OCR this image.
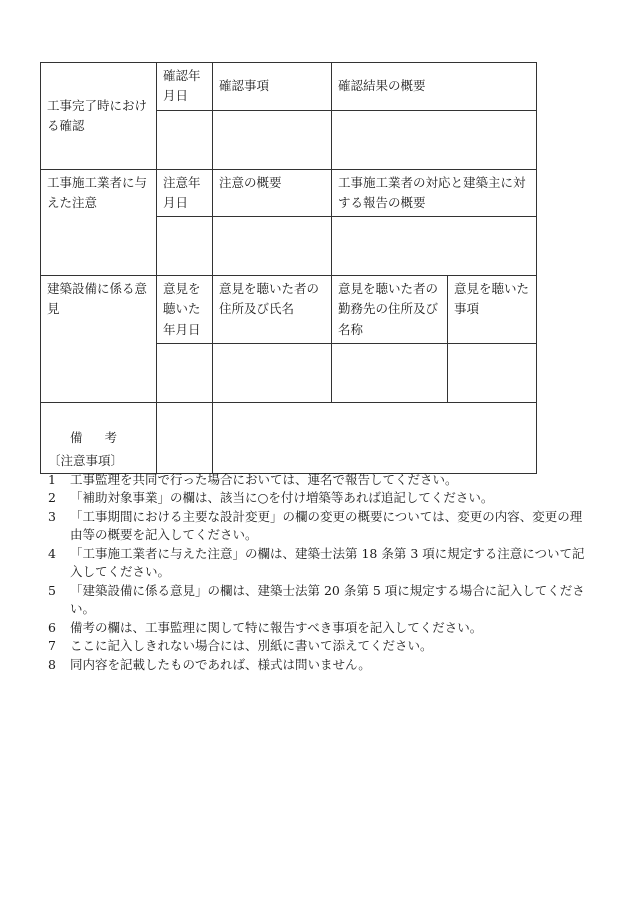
工事完了時における確認	確認年月日	確認事項	確認結果の概要	

工事施工業者に与えた注意	注意年月日	注意の概要	工事施工業者の対応と建築主に対する報告の概要	

建築設備に係る意見	意見を聴いた年月日	意見を聴いた者の住所及び氏名	意見を聴いた者の勤務先の住所及び名称	意見を聴いた事項

備考				
〔注意事項〕
1	工事監理を共同で行った場合においては、連名で報告してください。
2	「補助対象事業」の欄は、該当に○を付け増築等あれば追記してください。
3	「工事期間における主要な設計変更」の欄の変更の概要については、変更の内容、変更の理由等の概要を記入してください。
4	「工事施工業者に与えた注意」の欄は、建築士法第 18 条第 3 項に規定する注意について記入してください。
5	「建築設備に係る意見」の欄は、建築士法第 20 条第 5 項に規定する場合に記入してください。
6	備考の欄は、工事監理に関して特に報告すべき事項を記入してください。
7	ここに記入しきれない場合には、別紙に書いて添えてください。
8	同内容を記載したものであれば、様式は問いません。
